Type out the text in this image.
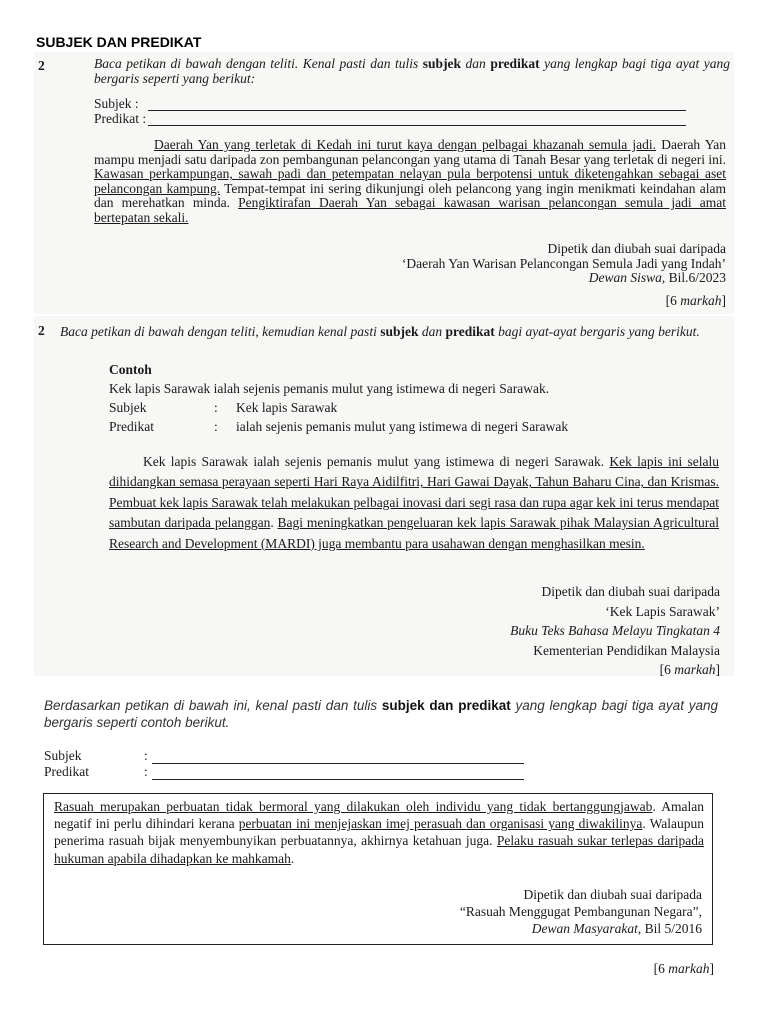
SUBJEK DAN PREDIKAT
2	Baca petikan di bawah dengan teliti. Kenal pasti dan tulis subjek dan predikat yang lengkap bagi tiga ayat yang bergaris seperti yang berikut:
Subjek :
Predikat :
Daerah Yan yang terletak di Kedah ini turut kaya dengan pelbagai khazanah semula jadi. Daerah Yan mampu menjadi satu daripada zon pembangunan pelancongan yang utama di Tanah Besar yang terletak di negeri ini. Kawasan perkampungan, sawah padi dan petempatan nelayan pula berpotensi untuk diketengahkan sebagai aset pelancongan kampung. Tempat-tempat ini sering dikunjungi oleh pelancong yang ingin menikmati keindahan alam dan merehatkan minda. Pengiktirafan Daerah Yan sebagai kawasan warisan pelancongan semula jadi amat bertepatan sekali.
Dipetik dan diubah suai daripada
‘Daerah Yan Warisan Pelancongan Semula Jadi yang Indah’
Dewan Siswa, Bil.6/2023
[6 markah]
2 Baca petikan di bawah dengan teliti, kemudian kenal pasti subjek dan predikat bagi ayat-ayat bergaris yang berikut.
Contoh
Kek lapis Sarawak ialah sejenis pemanis mulut yang istimewa di negeri Sarawak.
Subjek	:	Kek lapis Sarawak
Predikat	:	ialah sejenis pemanis mulut yang istimewa di negeri Sarawak
Kek lapis Sarawak ialah sejenis pemanis mulut yang istimewa di negeri Sarawak. Kek lapis ini selalu dihidangkan semasa perayaan seperti Hari Raya Aidilfitri, Hari Gawai Dayak, Tahun Baharu Cina, dan Krismas. Pembuat kek lapis Sarawak telah melakukan pelbagai inovasi dari segi rasa dan rupa agar kek ini terus mendapat sambutan daripada pelanggan. Bagi meningkatkan pengeluaran kek lapis Sarawak pihak Malaysian Agricultural Research and Development (MARDI) juga membantu para usahawan dengan menghasilkan mesin.
Dipetik dan diubah suai daripada
‘Kek Lapis Sarawak’
Buku Teks Bahasa Melayu Tingkatan 4
Kementerian Pendidikan Malaysia
[6 markah]
Berdasarkan petikan di bawah ini, kenal pasti dan tulis subjek dan predikat yang lengkap bagi tiga ayat yang bergaris seperti contoh berikut.
Subjek	:
Predikat	:
Rasuah merupakan perbuatan tidak bermoral yang dilakukan oleh individu yang tidak bertanggungjawab. Amalan negatif ini perlu dihindari kerana perbuatan ini menjejaskan imej perasuah dan organisasi yang diwakilinya. Walaupun penerima rasuah bijak menyembunyikan perbuatannya, akhirnya ketahuan juga. Pelaku rasuah sukar terlepas daripada hukuman apabila dihadapkan ke mahkamah.
Dipetik dan diubah suai daripada
“Rasuah Menggugat Pembangunan Negara”,
Dewan Masyarakat, Bil 5/2016
[6 markah]
